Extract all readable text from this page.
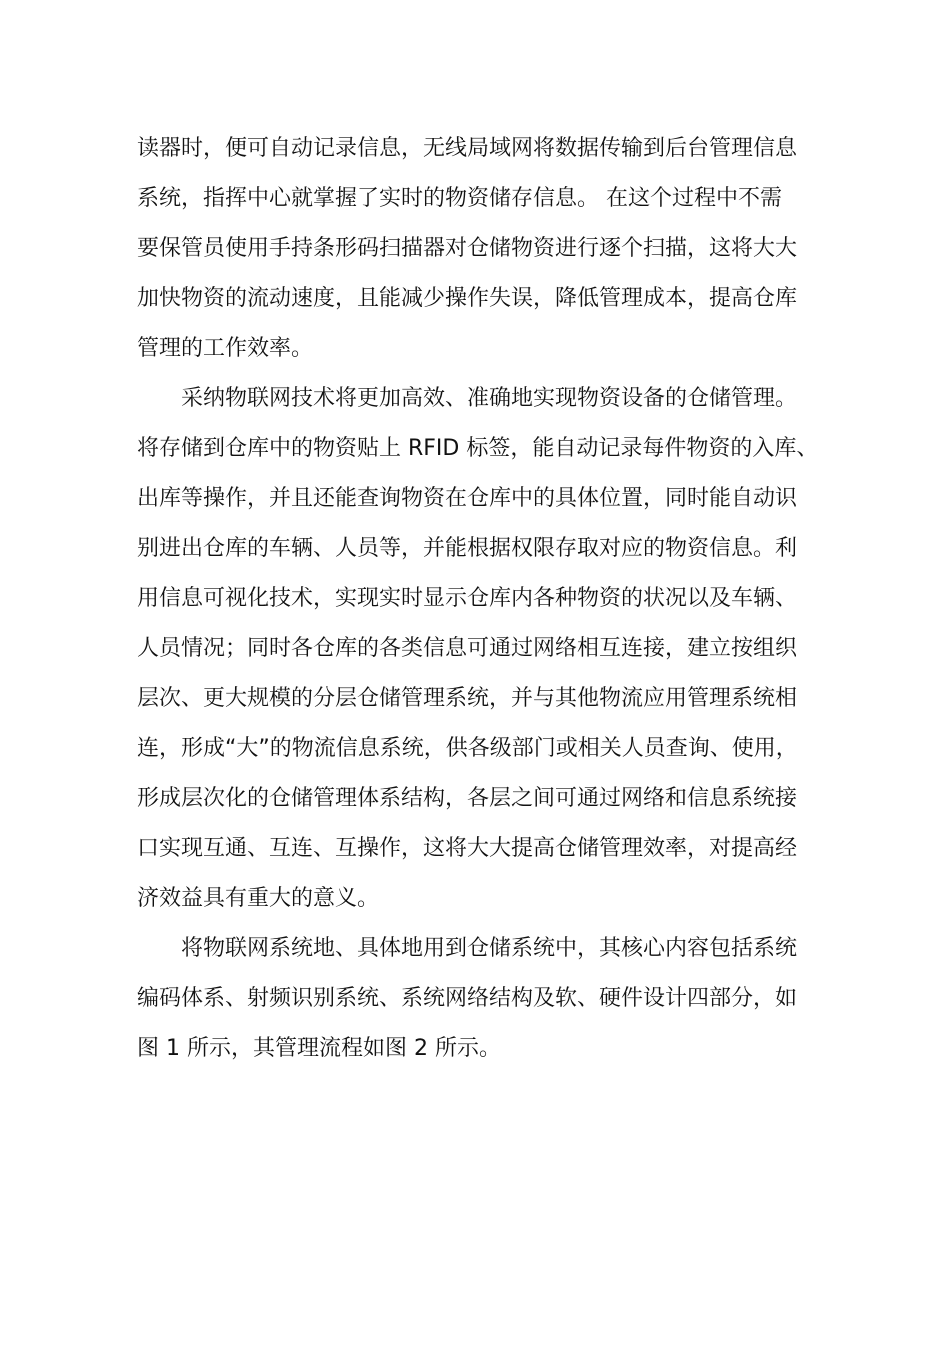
读器时，便可自动记录信息，无线局域网将数据传输到后台管理信息
系统，指挥中心就掌握了实时的物资储存信息。 在这个过程中不需
要保管员使用手持条形码扫描器对仓储物资进行逐个扫描，这将大大
加快物资的流动速度，且能减少操作失误，降低管理成本，提高仓库
管理的工作效率。
采纳物联网技术将更加高效、准确地实现物资设备的仓储管理。
将存储到仓库中的物资贴上 RFID 标签，能自动记录每件物资的入库、
出库等操作，并且还能查询物资在仓库中的具体位置，同时能自动识
别进出仓库的车辆、人员等，并能根据权限存取对应的物资信息。利
用信息可视化技术，实现实时显示仓库内各种物资的状况以及车辆、
人员情况；同时各仓库的各类信息可通过网络相互连接，建立按组织
层次、更大规模的分层仓储管理系统，并与其他物流应用管理系统相
连，形成“大”的物流信息系统，供各级部门或相关人员查询、使用，
形成层次化的仓储管理体系结构，各层之间可通过网络和信息系统接
口实现互通、互连、互操作，这将大大提高仓储管理效率，对提高经
济效益具有重大的意义。
将物联网系统地、具体地用到仓储系统中，其核心内容包括系统
编码体系、射频识别系统、系统网络结构及软、硬件设计四部分，如
图 1 所示，其管理流程如图 2 所示。
